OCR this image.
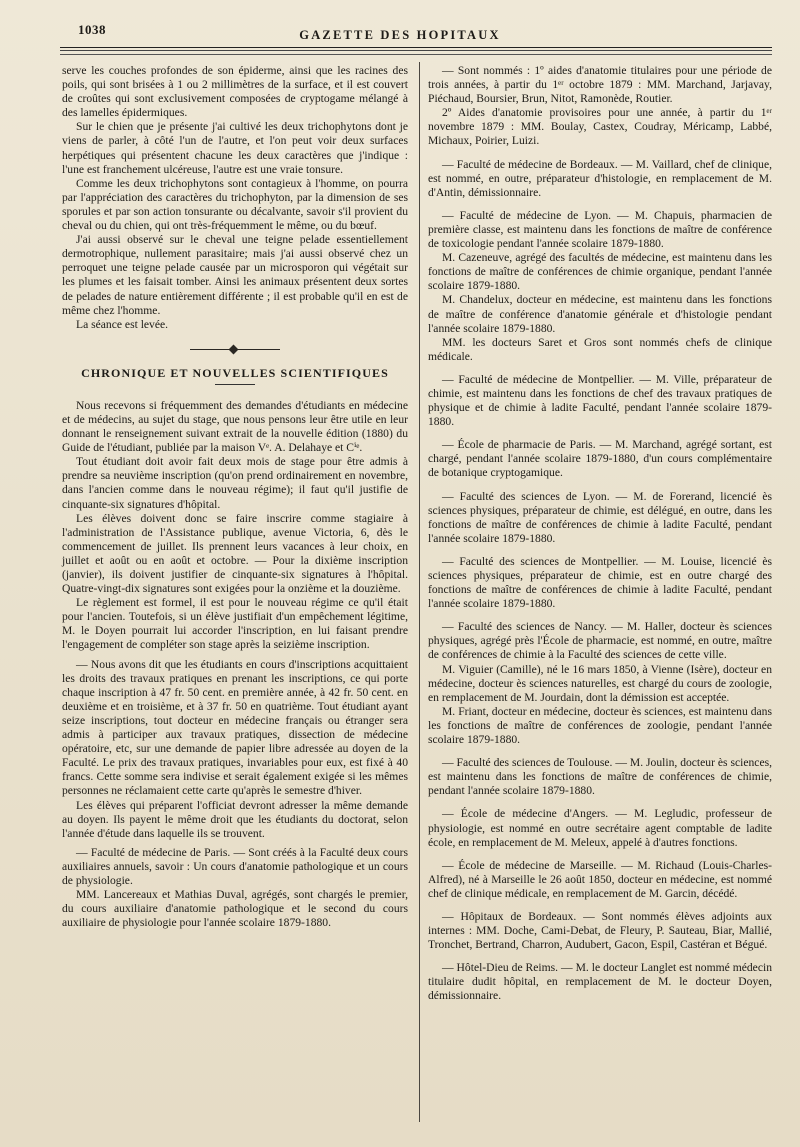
1038	GAZETTE DES HOPITAUX

serve les couches profondes de son épiderme, ainsi que les racines des poils, qui sont brisées à 1 ou 2 millimètres de la surface, et il est couvert de croûtes qui sont exclusivement composées de cryptogame mélangé à des lamelles épidermiques.

Sur le chien que je présente j'ai cultivé les deux trichophytons dont je viens de parler, à côté l'un de l'autre, et l'on peut voir deux surfaces herpétiques qui présentent chacune les deux caractères que j'indique : l'une est franchement ulcéreuse, l'autre est une vraie tonsure.

Comme les deux trichophytons sont contagieux à l'homme, on pourra par l'appréciation des caractères du trichophyton, par la dimension de ses sporules et par son action tonsurante ou décalvante, savoir s'il provient du cheval ou du chien, qui ont très-fréquemment le même, ou du bœuf.

J'ai aussi observé sur le cheval une teigne pelade essentiellement dermotrophique, nullement parasitaire; mais j'ai aussi observé chez un perroquet une teigne pelade causée par un microsporon qui végétait sur les plumes et les faisait tomber. Ainsi les animaux présentent deux sortes de pelades de nature entièrement différente ; il est probable qu'il en est de même chez l'homme.

La séance est levée.

CHRONIQUE ET NOUVELLES SCIENTIFIQUES

Nous recevons si fréquemment des demandes d'étudiants en médecine et de médecins, au sujet du stage, que nous pensons leur être utile en leur donnant le renseignement suivant extrait de la nouvelle édition (1880) du Guide de l'étudiant, publiée par la maison Vᵉ. A. Delahaye et Cⁱᵉ.

Tout étudiant doit avoir fait deux mois de stage pour être admis à prendre sa neuvième inscription (qu'on prend ordinairement en novembre, dans l'ancien comme dans le nouveau régime); il faut qu'il justifie de cinquante-six signatures d'hôpital.

Les élèves doivent donc se faire inscrire comme stagiaire à l'administration de l'Assistance publique, avenue Victoria, 6, dès le commencement de juillet. Ils prennent leurs vacances à leur choix, en juillet et août ou en août et octobre. — Pour la dixième inscription (janvier), ils doivent justifier de cinquante-six signatures à l'hôpital. Quatre-vingt-dix signatures sont exigées pour la onzième et la douzième.

Le règlement est formel, il est pour le nouveau régime ce qu'il était pour l'ancien. Toutefois, si un élève justifiait d'un empêchement légitime, M. le Doyen pourrait lui accorder l'inscription, en lui faisant prendre l'engagement de compléter son stage après la seizième inscription.

— Nous avons dit que les étudiants en cours d'inscriptions acquittaient les droits des travaux pratiques en prenant les inscriptions, ce qui porte chaque inscription à 47 fr. 50 cent. en première année, à 42 fr. 50 cent. en deuxième et en troisième, et à 37 fr. 50 en quatrième. Tout étudiant ayant seize inscriptions, tout docteur en médecine français ou étranger sera admis à participer aux travaux pratiques, dissection de médecine opératoire, etc, sur une demande de papier libre adressée au doyen de la Faculté. Le prix des travaux pratiques, invariables pour eux, est fixé à 40 francs. Cette somme sera indivise et serait également exigée si les mêmes personnes ne réclamaient cette carte qu'après le semestre d'hiver.

Les élèves qui préparent l'officiat devront adresser la même demande au doyen. Ils payent le même droit que les étudiants du doctorat, selon l'année d'étude dans laquelle ils se trouvent.

— Faculté de médecine de Paris. — Sont créés à la Faculté deux cours auxiliaires annuels, savoir : Un cours d'anatomie pathologique et un cours de physiologie.

MM. Lancereaux et Mathias Duval, agrégés, sont chargés le premier, du cours auxiliaire d'anatomie pathologique et le second du cours auxiliaire de physiologie pour l'année scolaire 1879-1880.

— Sont nommés : 1º aides d'anatomie titulaires pour une période de trois années, à partir du 1ᵉʳ octobre 1879 : MM. Marchand, Jarjavay, Piéchaud, Boursier, Brun, Nitot, Ramonède, Routier.

2º Aides d'anatomie provisoires pour une année, à partir du 1ᵉʳ novembre 1879 : MM. Boulay, Castex, Coudray, Méricamp, Labbé, Michaux, Poirier, Luizi.

— Faculté de médecine de Bordeaux. — M. Vaillard, chef de clinique, est nommé, en outre, préparateur d'histologie, en remplacement de M. d'Antin, démissionnaire.

— Faculté de médecine de Lyon. — M. Chapuis, pharmacien de première classe, est maintenu dans les fonctions de maître de conférence de toxicologie pendant l'année scolaire 1879-1880.

M. Cazeneuve, agrégé des facultés de médecine, est maintenu dans les fonctions de maître de conférences de chimie organique, pendant l'année scolaire 1879-1880.

M. Chandelux, docteur en médecine, est maintenu dans les fonctions de maître de conférence d'anatomie générale et d'histologie pendant l'année scolaire 1879-1880.

MM. les docteurs Saret et Gros sont nommés chefs de clinique médicale.

— Faculté de médecine de Montpellier. — M. Ville, préparateur de chimie, est maintenu dans les fonctions de chef des travaux pratiques de physique et de chimie à ladite Faculté, pendant l'année scolaire 1879-1880.

— École de pharmacie de Paris. — M. Marchand, agrégé sortant, est chargé, pendant l'année scolaire 1879-1880, d'un cours complémentaire de botanique cryptogamique.

— Faculté des sciences de Lyon. — M. de Forerand, licencié ès sciences physiques, préparateur de chimie, est délégué, en outre, dans les fonctions de maître de conférences de chimie à ladite Faculté, pendant l'année scolaire 1879-1880.

— Faculté des sciences de Montpellier. — M. Louise, licencié ès sciences physiques, préparateur de chimie, est en outre chargé des fonctions de maître de conférences de chimie à ladite Faculté, pendant l'année scolaire 1879-1880.

— Faculté des sciences de Nancy. — M. Haller, docteur ès sciences physiques, agrégé près l'École de pharmacie, est nommé, en outre, maître de conférences de chimie à la Faculté des sciences de cette ville.

M. Viguier (Camille), né le 16 mars 1850, à Vienne (Isère), docteur en médecine, docteur ès sciences naturelles, est chargé du cours de zoologie, en remplacement de M. Jourdain, dont la démission est acceptée.

M. Friant, docteur en médecine, docteur ès sciences, est maintenu dans les fonctions de maître de conférences de zoologie, pendant l'année scolaire 1879-1880.

— Faculté des sciences de Toulouse. — M. Joulin, docteur ès sciences, est maintenu dans les fonctions de maître de conférences de chimie, pendant l'année scolaire 1879-1880.

— École de médecine d'Angers. — M. Legludic, professeur de physiologie, est nommé en outre secrétaire agent comptable de ladite école, en remplacement de M. Meleux, appelé à d'autres fonctions.

— École de médecine de Marseille. — M. Richaud (Louis-Charles-Alfred), né à Marseille le 26 août 1850, docteur en médecine, est nommé chef de clinique médicale, en remplacement de M. Garcin, décédé.

— Hôpitaux de Bordeaux. — Sont nommés élèves adjoints aux internes : MM. Doche, Cami-Debat, de Fleury, P. Sauteau, Biar, Mallié, Tronchet, Bertrand, Charron, Audubert, Gacon, Espil, Castéran et Bégué.

— Hôtel-Dieu de Reims. — M. le docteur Langlet est nommé médecin titulaire dudit hôpital, en remplacement de M. le docteur Doyen, démissionnaire.
